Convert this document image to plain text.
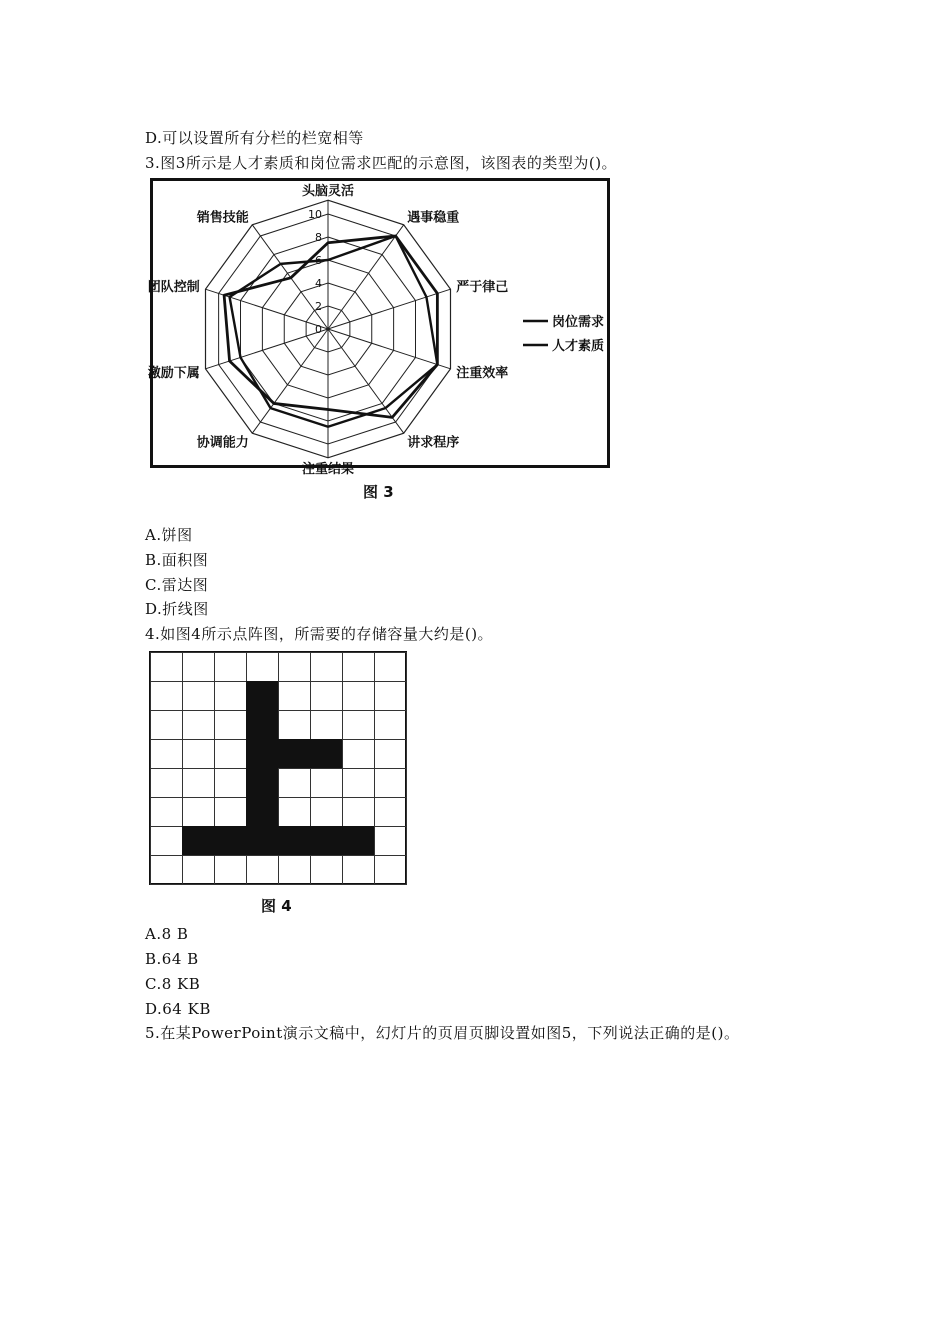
D.可以设置所有分栏的栏宽相等
3.图3所示是人才素质和岗位需求匹配的示意图，该图表的类型为()。
0
2
4
6
8
10
头脑灵活
遇事稳重
严于律己
注重效率
讲求程序
注重结果
协调能力
激励下属
团队控制
销售技能
岗位需求
人才素质
图 3
A.饼图
B.面积图
C.雷达图
D.折线图
4.如图4所示点阵图，所需要的存储容量大约是()。
图 4
A.8 B
B.64 B
C.8 KB
D.64 KB
5.在某PowerPoint演示文稿中，幻灯片的页眉页脚设置如图5，下列说法正确的是()。
